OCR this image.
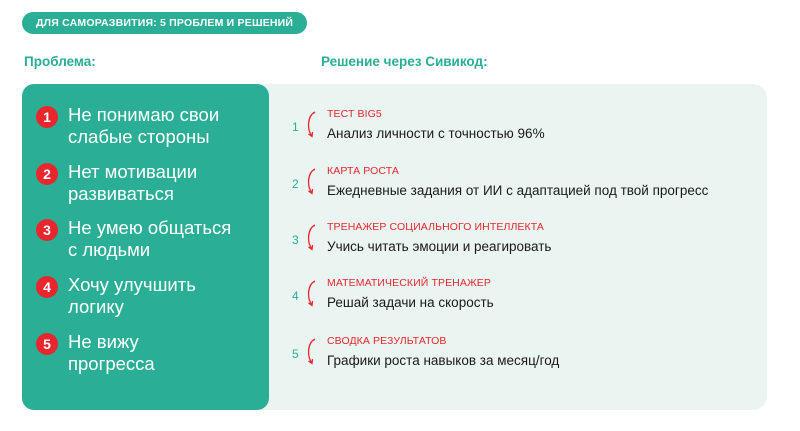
ДЛЯ САМОРАЗВИТИЯ: 5 ПРОБЛЕМ И РЕШЕНИЙ
Проблема:	Решение через Сивикод:
1 Не понимаю свои
слабые стороны
2 Нет мотивации
развиваться
3 Не умею общаться
с людьми
4 Хочу улучшить
логику
5 Не вижу
прогресса
1
ТЕСТ BIG5
Анализ личности с точностью 96%
2
КАРТА РОСТА
Ежедневные задания от ИИ с адаптацией под твой прогресс
3
ТРЕНАЖЕР СОЦИАЛЬНОГО ИНТЕЛЛЕКТА
Учись читать эмоции и реагировать
4
МАТЕМАТИЧЕСКИЙ ТРЕНАЖЕР
Решай задачи на скорость
5
СВОДКА РЕЗУЛЬТАТОВ
Графики роста навыков за месяц/год
